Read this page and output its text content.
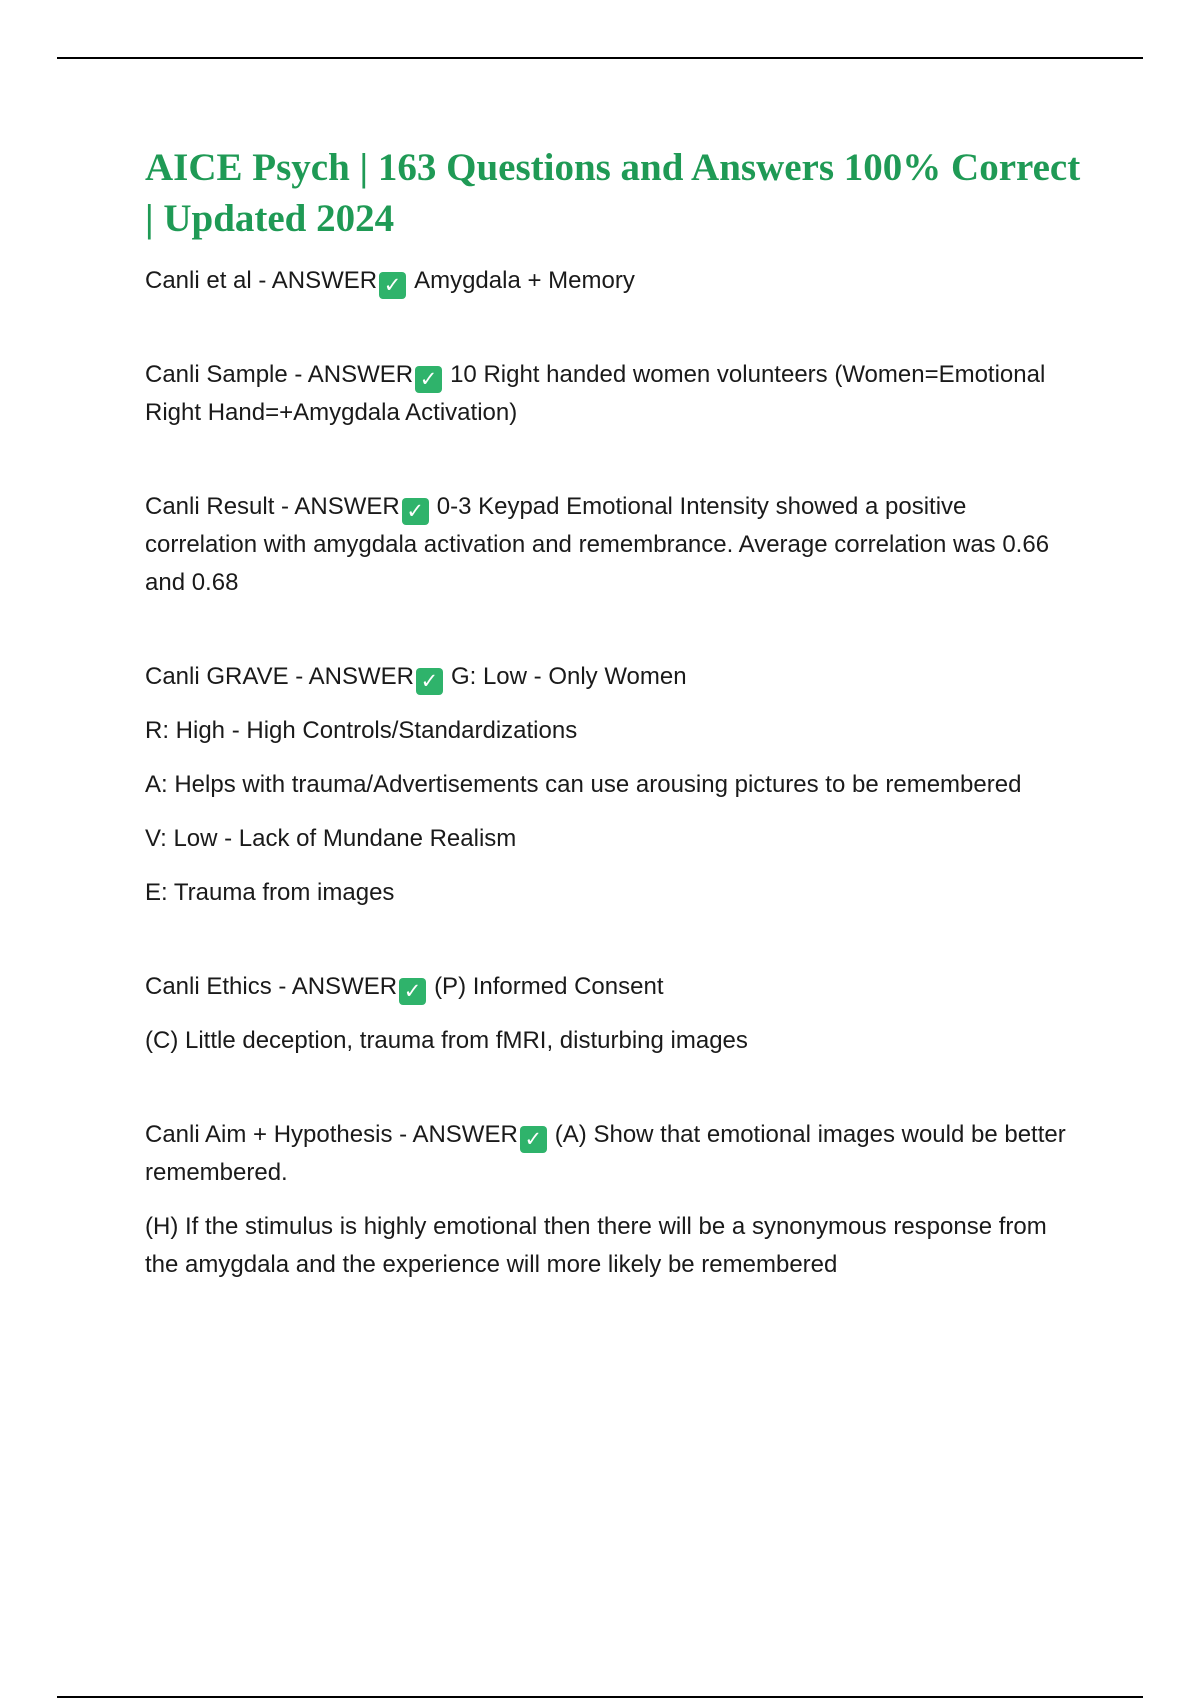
AICE Psych | 163 Questions and Answers 100% Correct | Updated 2024

Canli et al - ANSWER ✓ Amygdala + Memory

Canli Sample - ANSWER ✓ 10 Right handed women volunteers (Women=Emotional Right Hand=+Amygdala Activation)

Canli Result - ANSWER ✓ 0-3 Keypad Emotional Intensity showed a positive correlation with amygdala activation and remembrance. Average correlation was 0.66 and 0.68

Canli GRAVE - ANSWER ✓ G: Low - Only Women

R: High - High Controls/Standardizations

A: Helps with trauma/Advertisements can use arousing pictures to be remembered

V: Low - Lack of Mundane Realism

E: Trauma from images

Canli Ethics - ANSWER ✓ (P) Informed Consent

(C) Little deception, trauma from fMRI, disturbing images

Canli Aim + Hypothesis - ANSWER ✓ (A) Show that emotional images would be better remembered.

(H) If the stimulus is highly emotional then there will be a synonymous response from the amygdala and the experience will more likely be remembered
